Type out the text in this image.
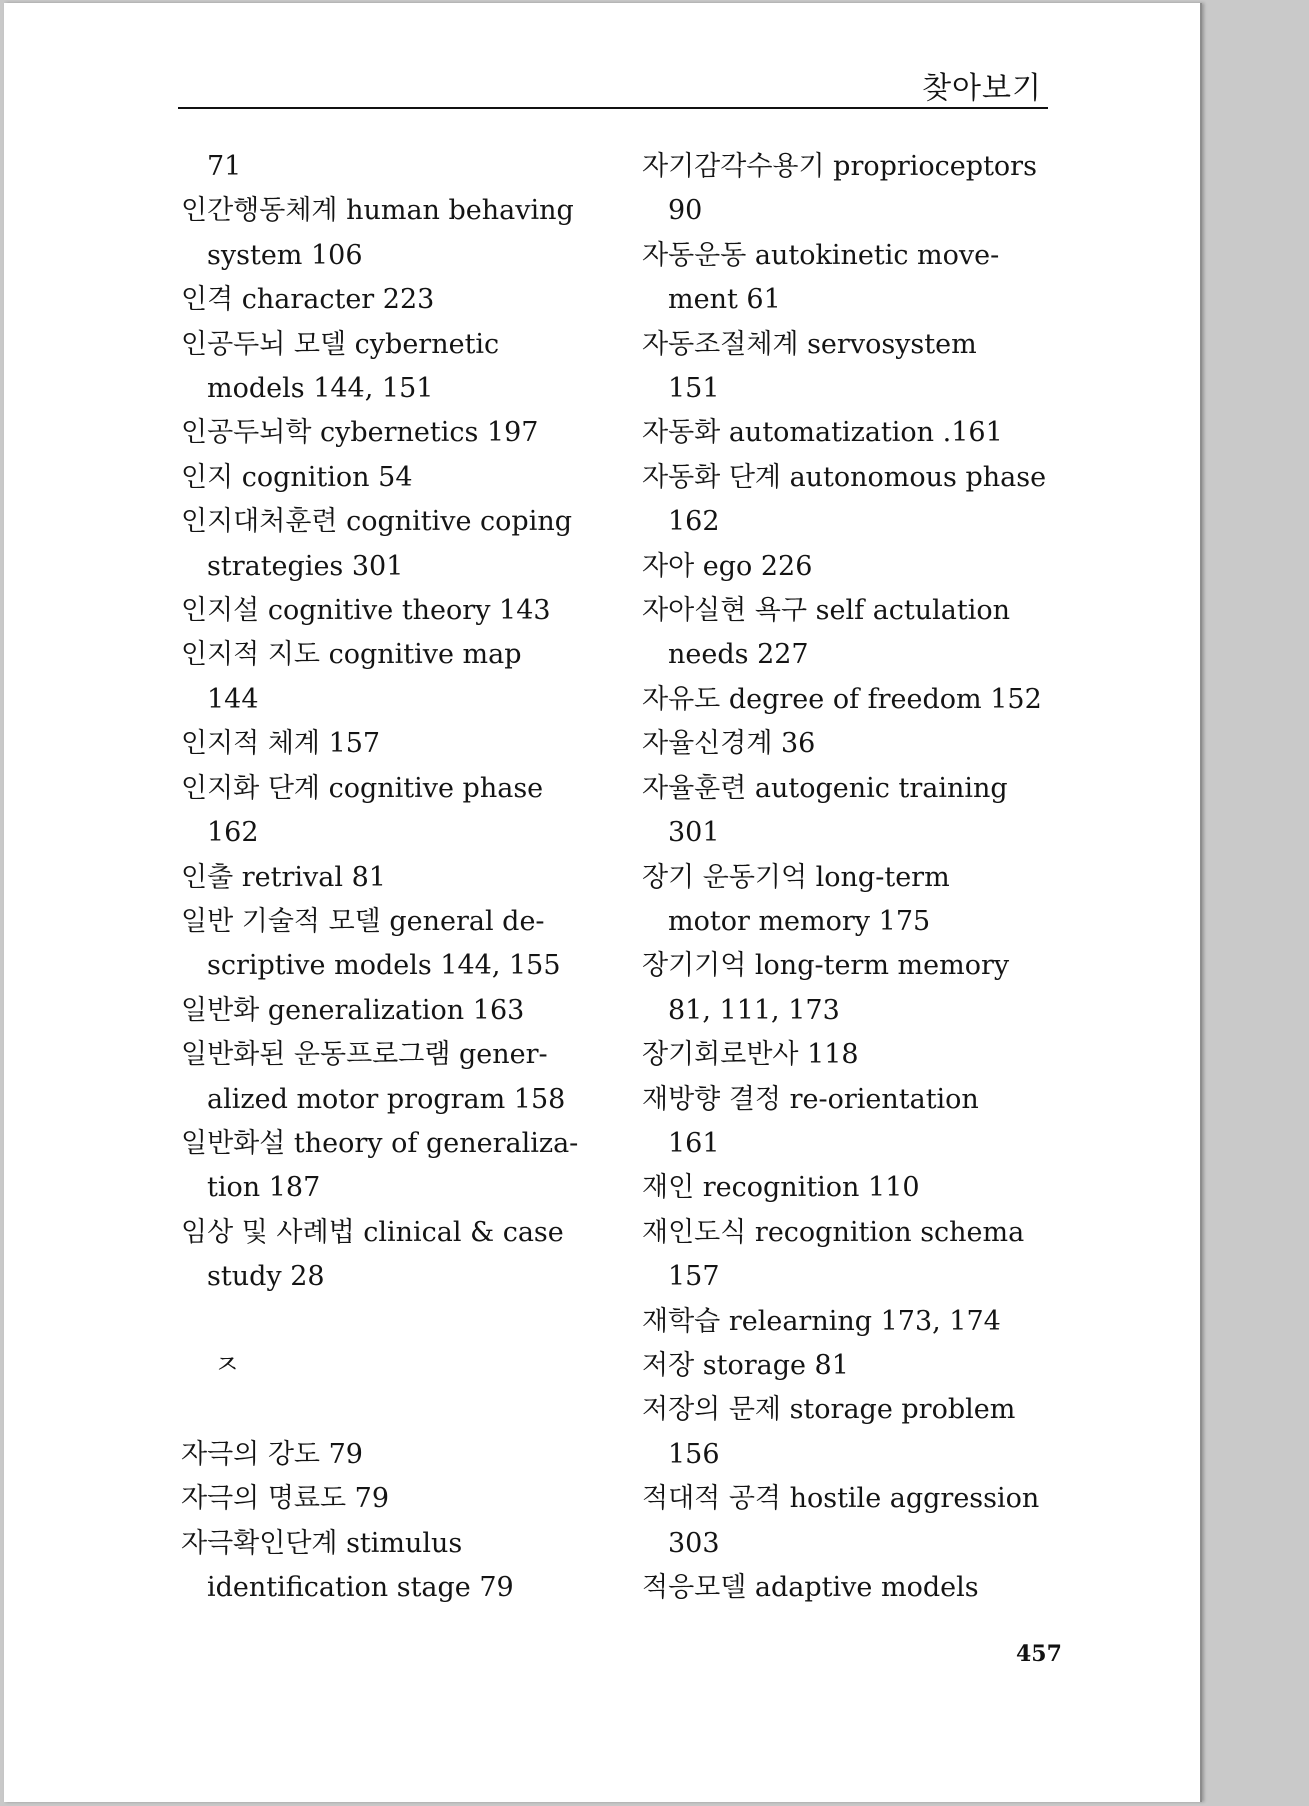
찾아보기
71
인간행동체계 human behaving
system 106
인격 character 223
인공두뇌 모델 cybernetic
models 144, 151
인공두뇌학 cybernetics 197
인지 cognition 54
인지대처훈련 cognitive coping
strategies 301
인지설 cognitive theory 143
인지적 지도 cognitive map
144
인지적 체계 157
인지화 단계 cognitive phase
162
인출 retrival 81
일반 기술적 모델 general de-
scriptive models 144, 155
일반화 generalization 163
일반화된 운동프로그램 gener-
alized motor program 158
일반화설 theory of generaliza-
tion 187
임상 및 사례법 clinical & case
study 28
ㅈ
자극의 강도 79
자극의 명료도 79
자극확인단계 stimulus
identification stage 79
자기감각수용기 proprioceptors
90
자동운동 autokinetic move-
ment 61
자동조절체계 servosystem
151
자동화 automatization .161
자동화 단계 autonomous phase
162
자아 ego 226
자아실현 욕구 self actulation
needs 227
자유도 degree of freedom 152
자율신경계 36
자율훈련 autogenic training
301
장기 운동기억 long-term
motor memory 175
장기기억 long-term memory
81, 111, 173
장기회로반사 118
재방향 결정 re-orientation
161
재인 recognition 110
재인도식 recognition schema
157
재학습 relearning 173, 174
저장 storage 81
저장의 문제 storage problem
156
적대적 공격 hostile aggression
303
적응모델 adaptive models
457
